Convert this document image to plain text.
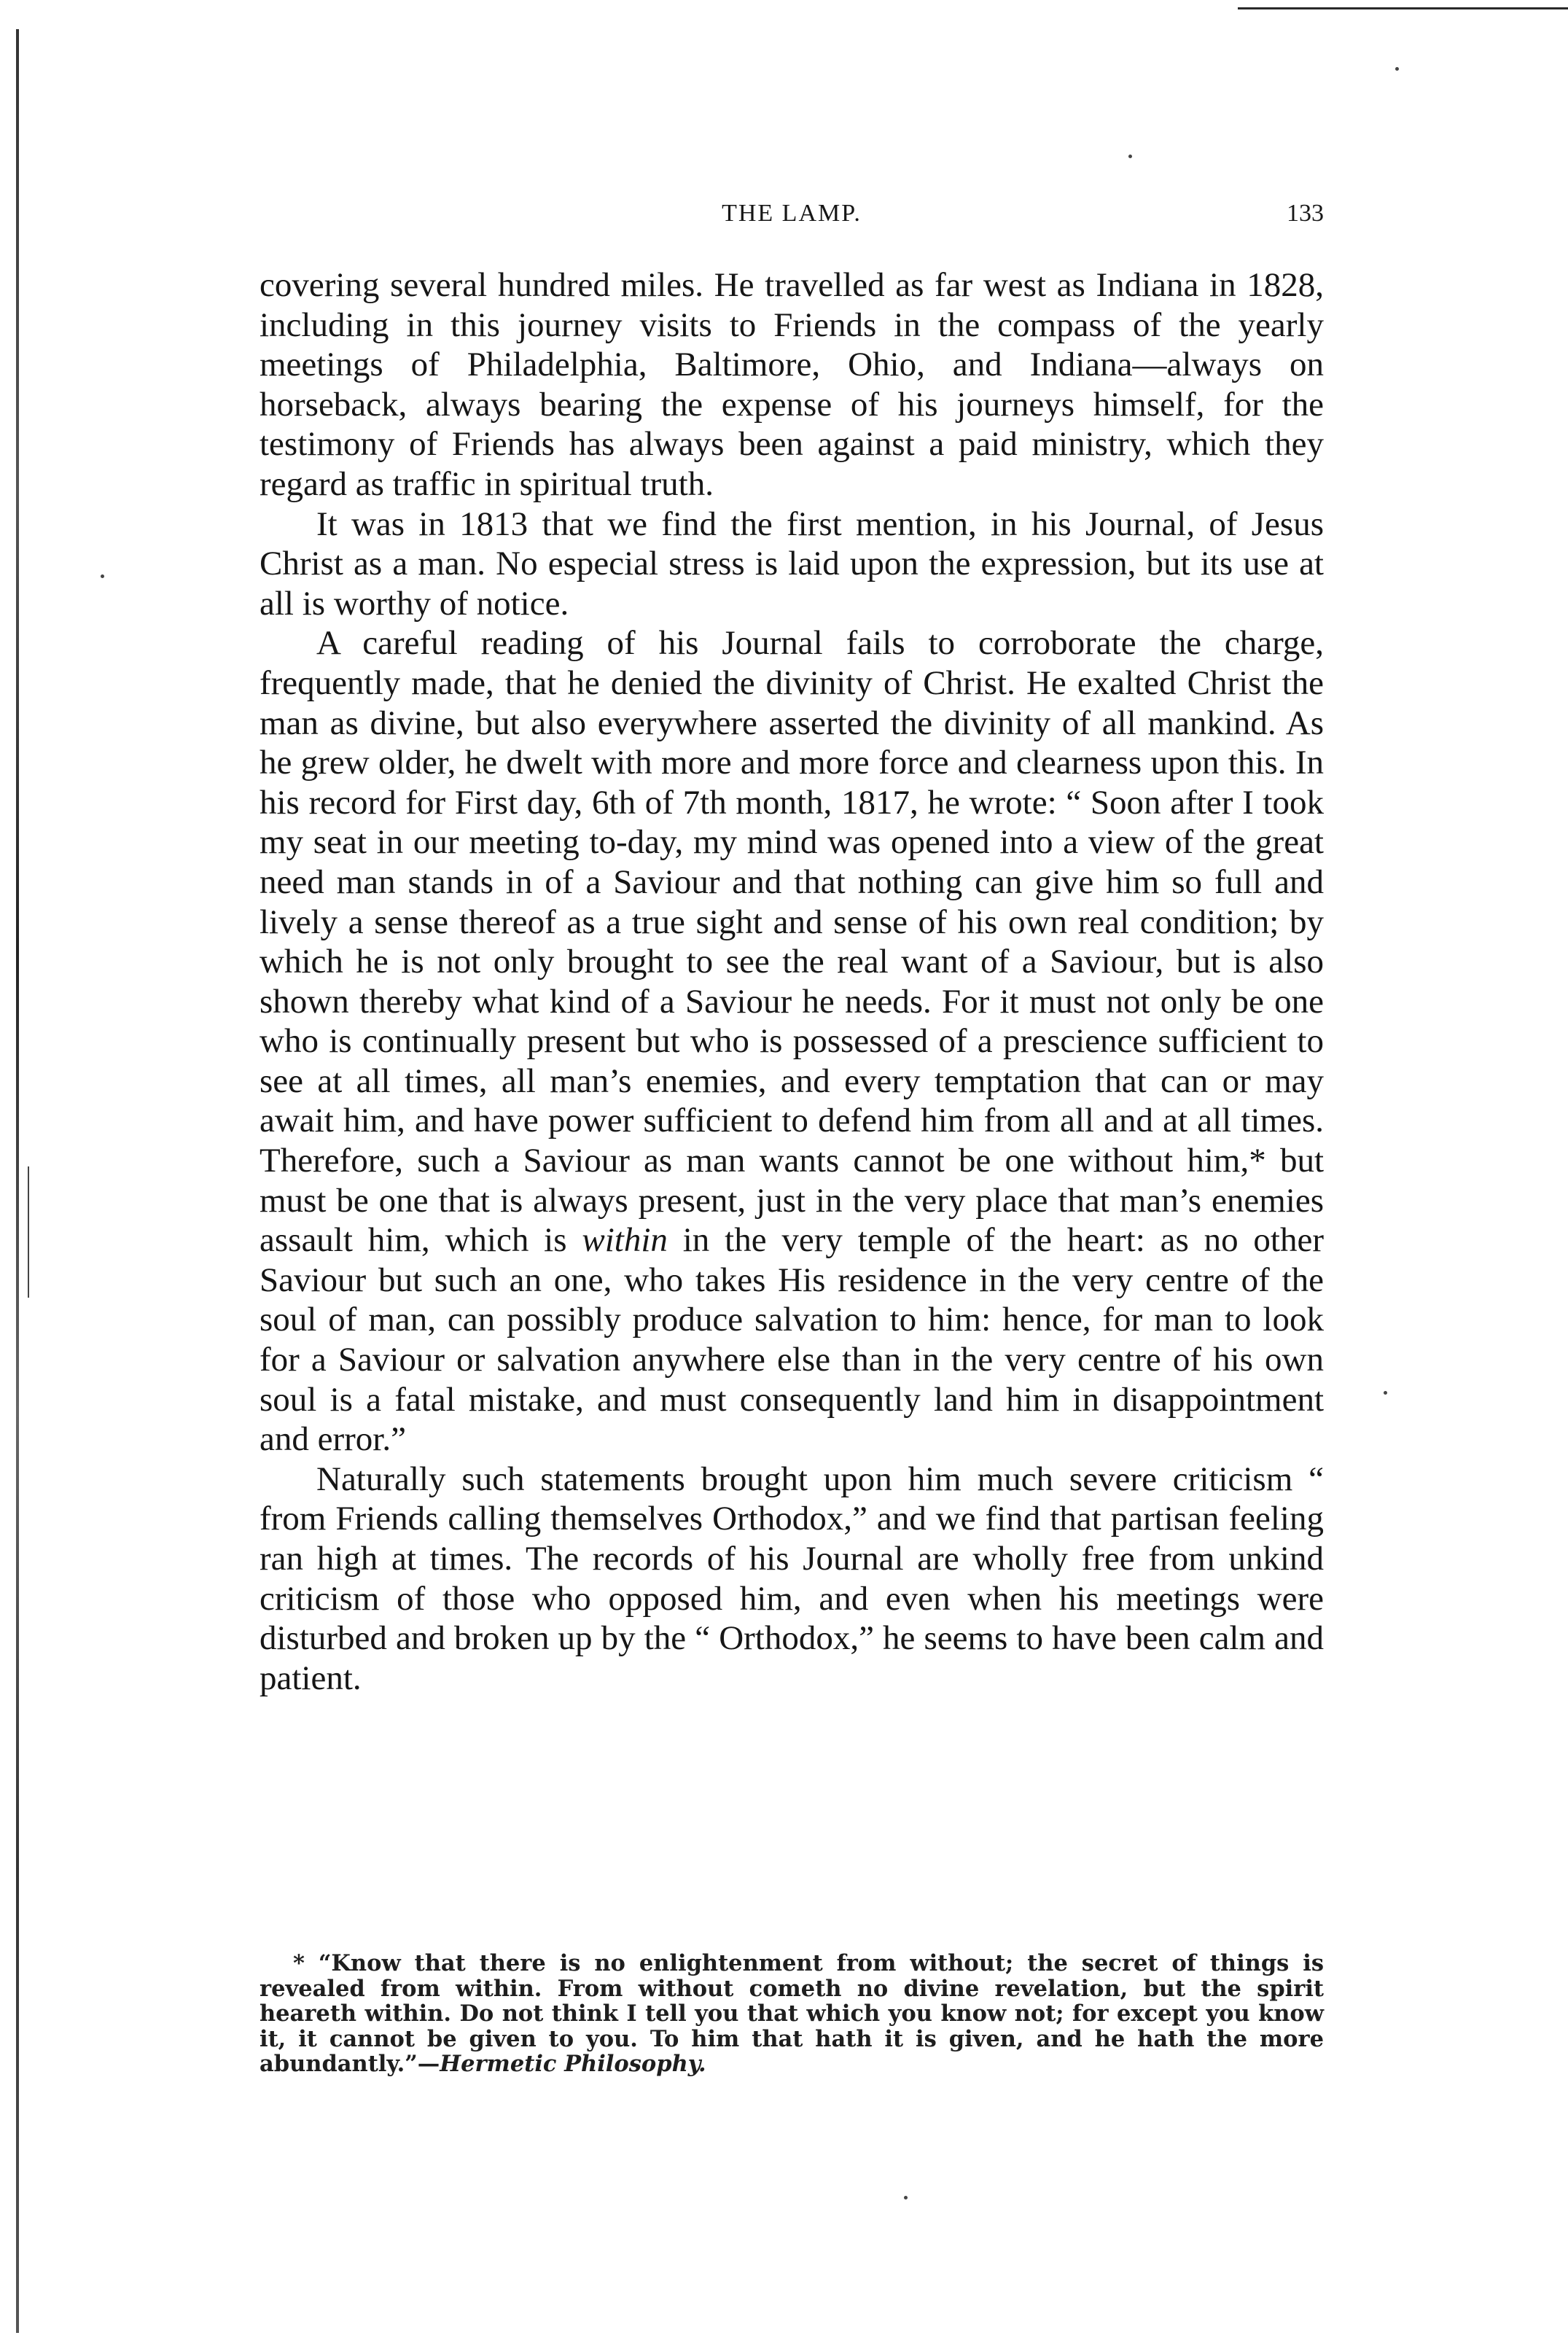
THE LAMP.	133

covering several hundred miles. He travelled as far west as Indiana in 1828, including in this journey visits to Friends in the compass of the yearly meetings of Philadelphia, Baltimore, Ohio, and Indiana—always on horseback, always bearing the expense of his journeys himself, for the testimony of Friends has always been against a paid ministry, which they regard as traffic in spiritual truth.

It was in 1813 that we find the first mention, in his Journal, of Jesus Christ as a man. No especial stress is laid upon the expression, but its use at all is worthy of notice.

A careful reading of his Journal fails to corroborate the charge, frequently made, that he denied the divinity of Christ. He exalted Christ the man as divine, but also everywhere asserted the divinity of all mankind. As he grew older, he dwelt with more and more force and clearness upon this. In his record for First day, 6th of 7th month, 1817, he wrote: “ Soon after I took my seat in our meeting to-day, my mind was opened into a view of the great need man stands in of a Saviour and that nothing can give him so full and lively a sense thereof as a true sight and sense of his own real condition; by which he is not only brought to see the real want of a Saviour, but is also shown thereby what kind of a Saviour he needs. For it must not only be one who is continually present but who is possessed of a prescience sufficient to see at all times, all man’s enemies, and every temptation that can or may await him, and have power sufficient to defend him from all and at all times. Therefore, such a Saviour as man wants cannot be one without him,* but must be one that is always present, just in the very place that man’s enemies assault him, which is within in the very temple of the heart: as no other Saviour but such an one, who takes His residence in the very centre of the soul of man, can possibly produce salvation to him: hence, for man to look for a Saviour or salvation anywhere else than in the very centre of his own soul is a fatal mistake, and must consequently land him in disappointment and error.”

Naturally such statements brought upon him much severe criticism “ from Friends calling themselves Orthodox,” and we find that partisan feeling ran high at times. The records of his Journal are wholly free from unkind criticism of those who opposed him, and even when his meetings were disturbed and broken up by the “ Orthodox,” he seems to have been calm and patient.

* “Know that there is no enlightenment from without; the secret of things is revealed from within. From without cometh no divine revelation, but the spirit heareth within. Do not think I tell you that which you know not; for except you know it, it cannot be given to you. To him that hath it is given, and he hath the more abundantly.”—Hermetic Philosophy.
